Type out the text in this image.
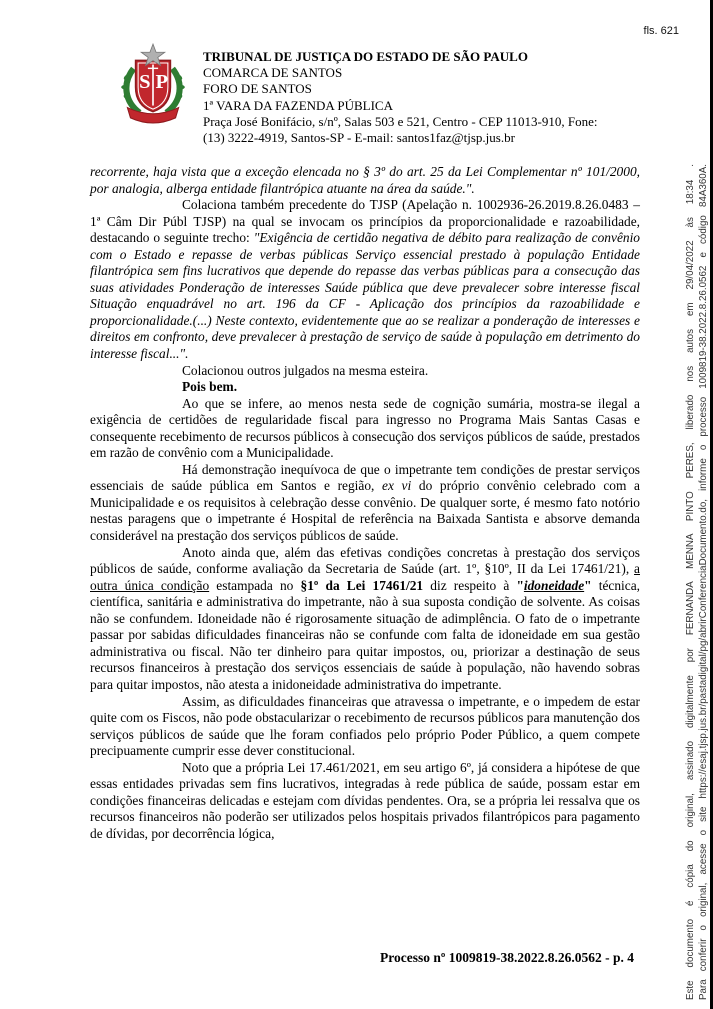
fls. 621
S P
TRIBUNAL DE JUSTIÇA DO ESTADO DE SÃO PAULO
COMARCA DE SANTOS
FORO DE SANTOS
1ª VARA DA FAZENDA PÚBLICA
Praça José Bonifácio, s/nº, Salas 503 e 521, Centro - CEP 11013-910, Fone:
(13) 3222-4919, Santos-SP - E-mail: santos1faz@tjsp.jus.br

recorrente, haja vista que a exceção elencada no § 3º do art. 25 da Lei Complementar nº 101/2000, por analogia, alberga entidade filantrópica atuante na área da saúde.".

Colaciona também precedente do TJSP (Apelação n. 1002936-26.2019.8.26.0483 – 1ª Câm Dir Públ TJSP) na qual se invocam os princípios da proporcionalidade e razoabilidade, destacando o seguinte trecho: "Exigência de certidão negativa de débito para realização de convênio com o Estado e repasse de verbas públicas Serviço essencial prestado à população Entidade filantrópica sem fins lucrativos que depende do repasse das verbas públicas para a consecução das suas atividades Ponderação de interesses Saúde pública que deve prevalecer sobre interesse fiscal Situação enquadrável no art. 196 da CF - Aplicação dos princípios da razoabilidade e proporcionalidade.(...) Neste contexto, evidentemente que ao se realizar a ponderação de interesses e direitos em confronto, deve prevalecer à prestação de serviço de saúde à população em detrimento do interesse fiscal...".

Colacionou outros julgados na mesma esteira.

Pois bem.

Ao que se infere, ao menos nesta sede de cognição sumária, mostra-se ilegal a exigência de certidões de regularidade fiscal para ingresso no Programa Mais Santas Casas e consequente recebimento de recursos públicos à consecução dos serviços públicos de saúde, prestados em razão de convênio com a Municipalidade.

Há demonstração inequívoca de que o impetrante tem condições de prestar serviços essenciais de saúde pública em Santos e região, ex vi do próprio convênio celebrado com a Municipalidade e os requisitos à celebração desse convênio. De qualquer sorte, é mesmo fato notório nestas paragens que o impetrante é Hospital de referência na Baixada Santista e absorve demanda considerável na prestação dos serviços públicos de saúde.

Anoto ainda que, além das efetivas condições concretas à prestação dos serviços públicos de saúde, conforme avaliação da Secretaria de Saúde (art. 1º, §10º, II da Lei 17461/21), a outra única condição estampada no §1º da Lei 17461/21 diz respeito à "idoneidade" técnica, científica, sanitária e administrativa do impetrante, não à sua suposta condição de solvente. As coisas não se confundem. Idoneidade não é rigorosamente situação de adimplência. O fato de o impetrante passar por sabidas dificuldades financeiras não se confunde com falta de idoneidade em sua gestão administrativa ou fiscal. Não ter dinheiro para quitar impostos, ou, priorizar a destinação de seus recursos financeiros à prestação dos serviços essenciais de saúde à população, não havendo sobras para quitar impostos, não atesta a inidoneidade administrativa do impetrante.

Assim, as dificuldades financeiras que atravessa o impetrante, e o impedem de estar quite com os Fiscos, não pode obstacularizar o recebimento de recursos públicos para manutenção dos serviços públicos de saúde que lhe foram confiados pelo próprio Poder Público, a quem compete precipuamente cumprir esse dever constitucional.

Noto que a própria Lei 17.461/2021, em seu artigo 6º, já considera a hipótese de que essas entidades privadas sem fins lucrativos, integradas à rede pública de saúde, possam estar em condições financeiras delicadas e estejam com dívidas pendentes. Ora, se a própria lei ressalva que os recursos financeiros não poderão ser utilizados pelos hospitais privados filantrópicos para pagamento de dívidas, por decorrência lógica,

Processo nº 1009819-38.2022.8.26.0562 - p. 4	Este documento é cópia do original, assinado digitalmente por FERNANDA MENNA PINTO PERES, liberado nos autos em 29/04/2022 às 18:34 . Para conferir o original, acesse o site https://esaj.tjsp.jus.br/pastadigital/pg/abrirConferenciaDocumento.do, informe o processo 1009819-38.2022.8.26.0562 e código 84A360A.
